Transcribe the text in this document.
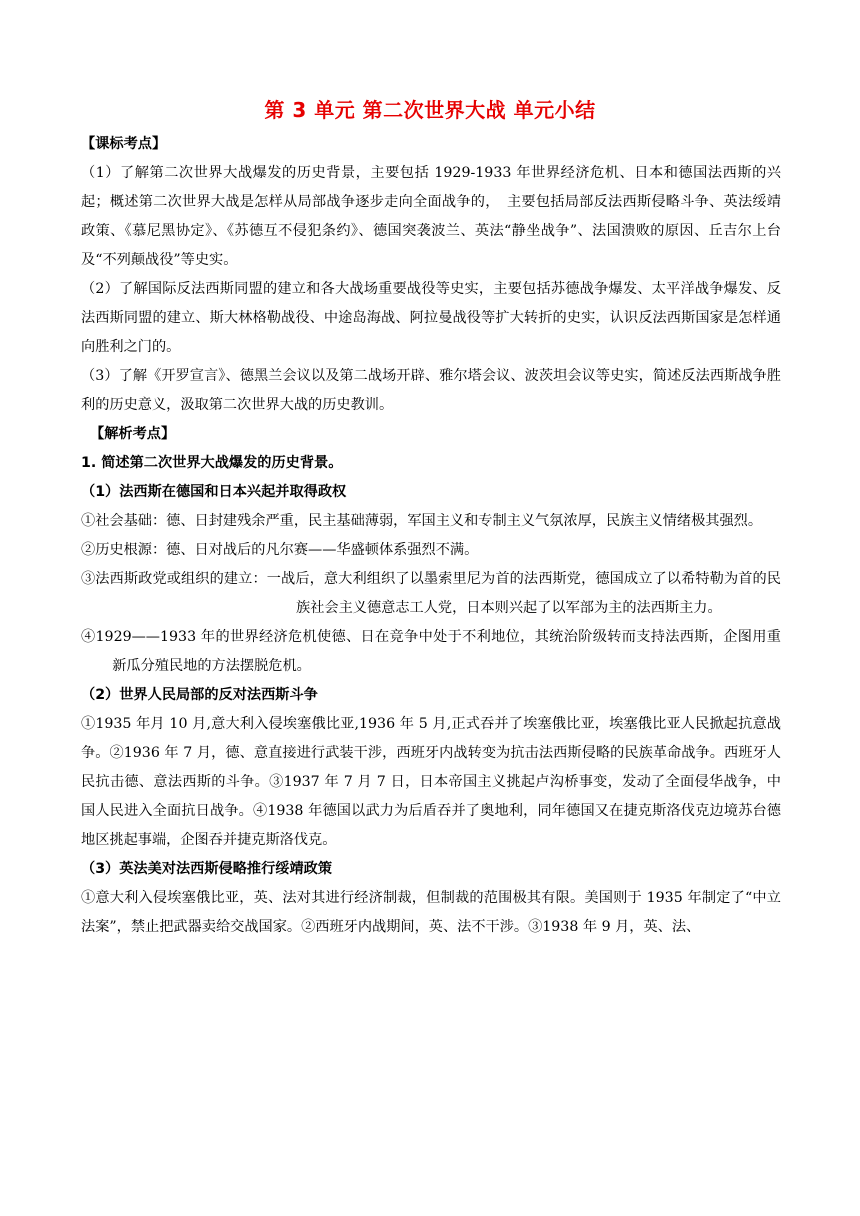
第 3 单元 第二次世界大战 单元小结

【课标考点】

（1）了解第二次世界大战爆发的历史背景，主要包括 1929-1933 年世界经济危机、日本和德国法西斯的兴起；概述第二次世界大战是怎样从局部战争逐步走向全面战争的，　主要包括局部反法西斯侵略斗争、英法绥靖政策、《慕尼黑协定》、《苏德互不侵犯条约》、德国突袭波兰、英法“静坐战争”、法国溃败的原因、丘吉尔上台及“不列颠战役”等史实。

（2）了解国际反法西斯同盟的建立和各大战场重要战役等史实，主要包括苏德战争爆发、太平洋战争爆发、反法西斯同盟的建立、斯大林格勒战役、中途岛海战、阿拉曼战役等扩大转折的史实，认识反法西斯国家是怎样通向胜利之门的。

（3）了解《开罗宣言》、德黑兰会议以及第二战场开辟、雅尔塔会议、波茨坦会议等史实，简述反法西斯战争胜利的历史意义，汲取第二次世界大战的历史教训。

【解析考点】

1. 简述第二次世界大战爆发的历史背景。

（1）法西斯在德国和日本兴起并取得政权

①社会基础：德、日封建残余严重，民主基础薄弱，军国主义和专制主义气氛浓厚，民族主义情绪极其强烈。

②历史根源：德、日对战后的凡尔赛——华盛顿体系强烈不满。

③法西斯政党或组织的建立：一战后，意大利组织了以墨索里尼为首的法西斯党，德国成立了以希特勒为首的民族社会主义德意志工人党，日本则兴起了以军部为主的法西斯主力。

④1929——1933 年的世界经济危机使德、日在竞争中处于不利地位，其统治阶级转而支持法西斯，企图用重新瓜分殖民地的方法摆脱危机。

（2）世界人民局部的反对法西斯斗争

①1935 年月 10 月,意大利入侵埃塞俄比亚,1936 年 5 月,正式吞并了埃塞俄比亚，埃塞俄比亚人民掀起抗意战争。②1936 年 7 月，德、意直接进行武装干涉，西班牙内战转变为抗击法西斯侵略的民族革命战争。西班牙人民抗击德、意法西斯的斗争。③1937 年 7 月 7 日，日本帝国主义挑起卢沟桥事变，发动了全面侵华战争，中国人民进入全面抗日战争。④1938 年德国以武力为后盾吞并了奥地利，同年德国又在捷克斯洛伐克边境苏台德地区挑起事端，企图吞并捷克斯洛伐克。

（3）英法美对法西斯侵略推行绥靖政策

①意大利入侵埃塞俄比亚，英、法对其进行经济制裁，但制裁的范围极其有限。美国则于 1935 年制定了“中立法案”，禁止把武器卖给交战国家。②西班牙内战期间，英、法不干涉。③1938 年 9 月，英、法、
